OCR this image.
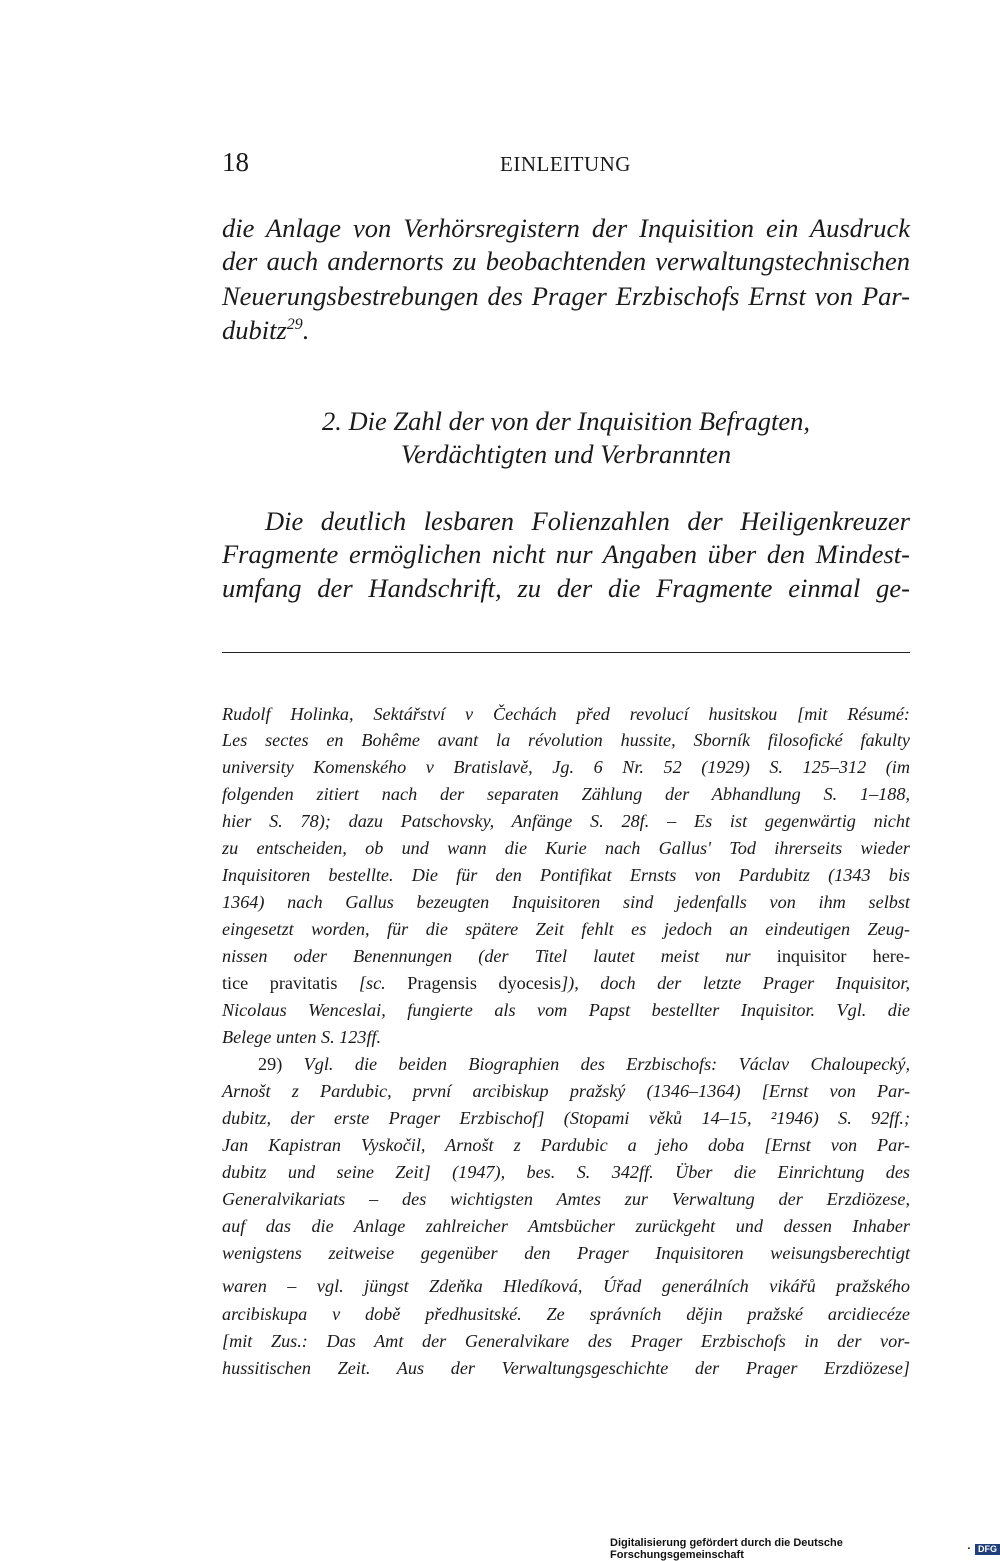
18	EINLEITUNG
die Anlage von Verhörsregistern der Inquisition ein Ausdruck
der auch andernorts zu beobachtenden verwaltungstechnischen
Neuerungsbestrebungen des Prager Erzbischofs Ernst von Par-
dubitz$^{29}$.
2. Die Zahl der von der Inquisition Befragten,
Verdächtigten und Verbrannten
Die deutlich lesbaren Folienzahlen der Heiligenkreuzer
Fragmente ermöglichen nicht nur Angaben über den Mindest-
umfang der Handschrift, zu der die Fragmente einmal ge-
Rudolf Holinka, Sektářství v Čechách před revolucí husitskou [mit Résumé:
Les sectes en Bohême avant la révolution hussite, Sborník filosofické fakulty
university Komenského v Bratislavě, Jg. 6 Nr. 52 (1929) S. 125–312 (im
folgenden zitiert nach der separaten Zählung der Abhandlung S. 1–188,
hier S. 78); dazu Patschovsky, Anfänge S. 28f. – Es ist gegenwärtig nicht
zu entscheiden, ob und wann die Kurie nach Gallus' Tod ihrerseits wieder
Inquisitoren bestellte. Die für den Pontifikat Ernsts von Pardubitz (1343 bis
1364) nach Gallus bezeugten Inquisitoren sind jedenfalls von ihm selbst
eingesetzt worden, für die spätere Zeit fehlt es jedoch an eindeutigen Zeug-
nissen oder Benennungen (der Titel lautet meist nur inquisitor here-
tice pravitatis [sc. Pragensis dyocesis]), doch der letzte Prager Inquisitor,
Nicolaus Wenceslai, fungierte als vom Papst bestellter Inquisitor. Vgl. die
Belege unten S. 123ff.
29) Vgl. die beiden Biographien des Erzbischofs: Václav Chaloupecký,
Arnošt z Pardubic, první arcibiskup pražský (1346–1364) [Ernst von Par-
dubitz, der erste Prager Erzbischof] (Stopami věků 14–15, ²1946) S. 92ff.;
Jan Kapistran Vyskočil, Arnošt z Pardubic a jeho doba [Ernst von Par-
dubitz und seine Zeit] (1947), bes. S. 342ff. Über die Einrichtung des
Generalvikariats – des wichtigsten Amtes zur Verwaltung der Erzdiözese,
auf das die Anlage zahlreicher Amtsbücher zurückgeht und dessen Inhaber
wenigstens zeitweise gegenüber den Prager Inquisitoren weisungsberechtigt
waren – vgl. jüngst Zdeňka Hledíková, Úřad generálních vikářů pražského
arcibiskupa v době předhusitské. Ze správních dějin pražské arcidiecéze
[mit Zus.: Das Amt der Generalvikare des Prager Erzbischofs in der vor-
hussitischen Zeit. Aus der Verwaltungsgeschichte der Prager Erzdiözese]
Digitalisierung gefördert durch die Deutsche Forschungsgemeinschaft	· DFG
